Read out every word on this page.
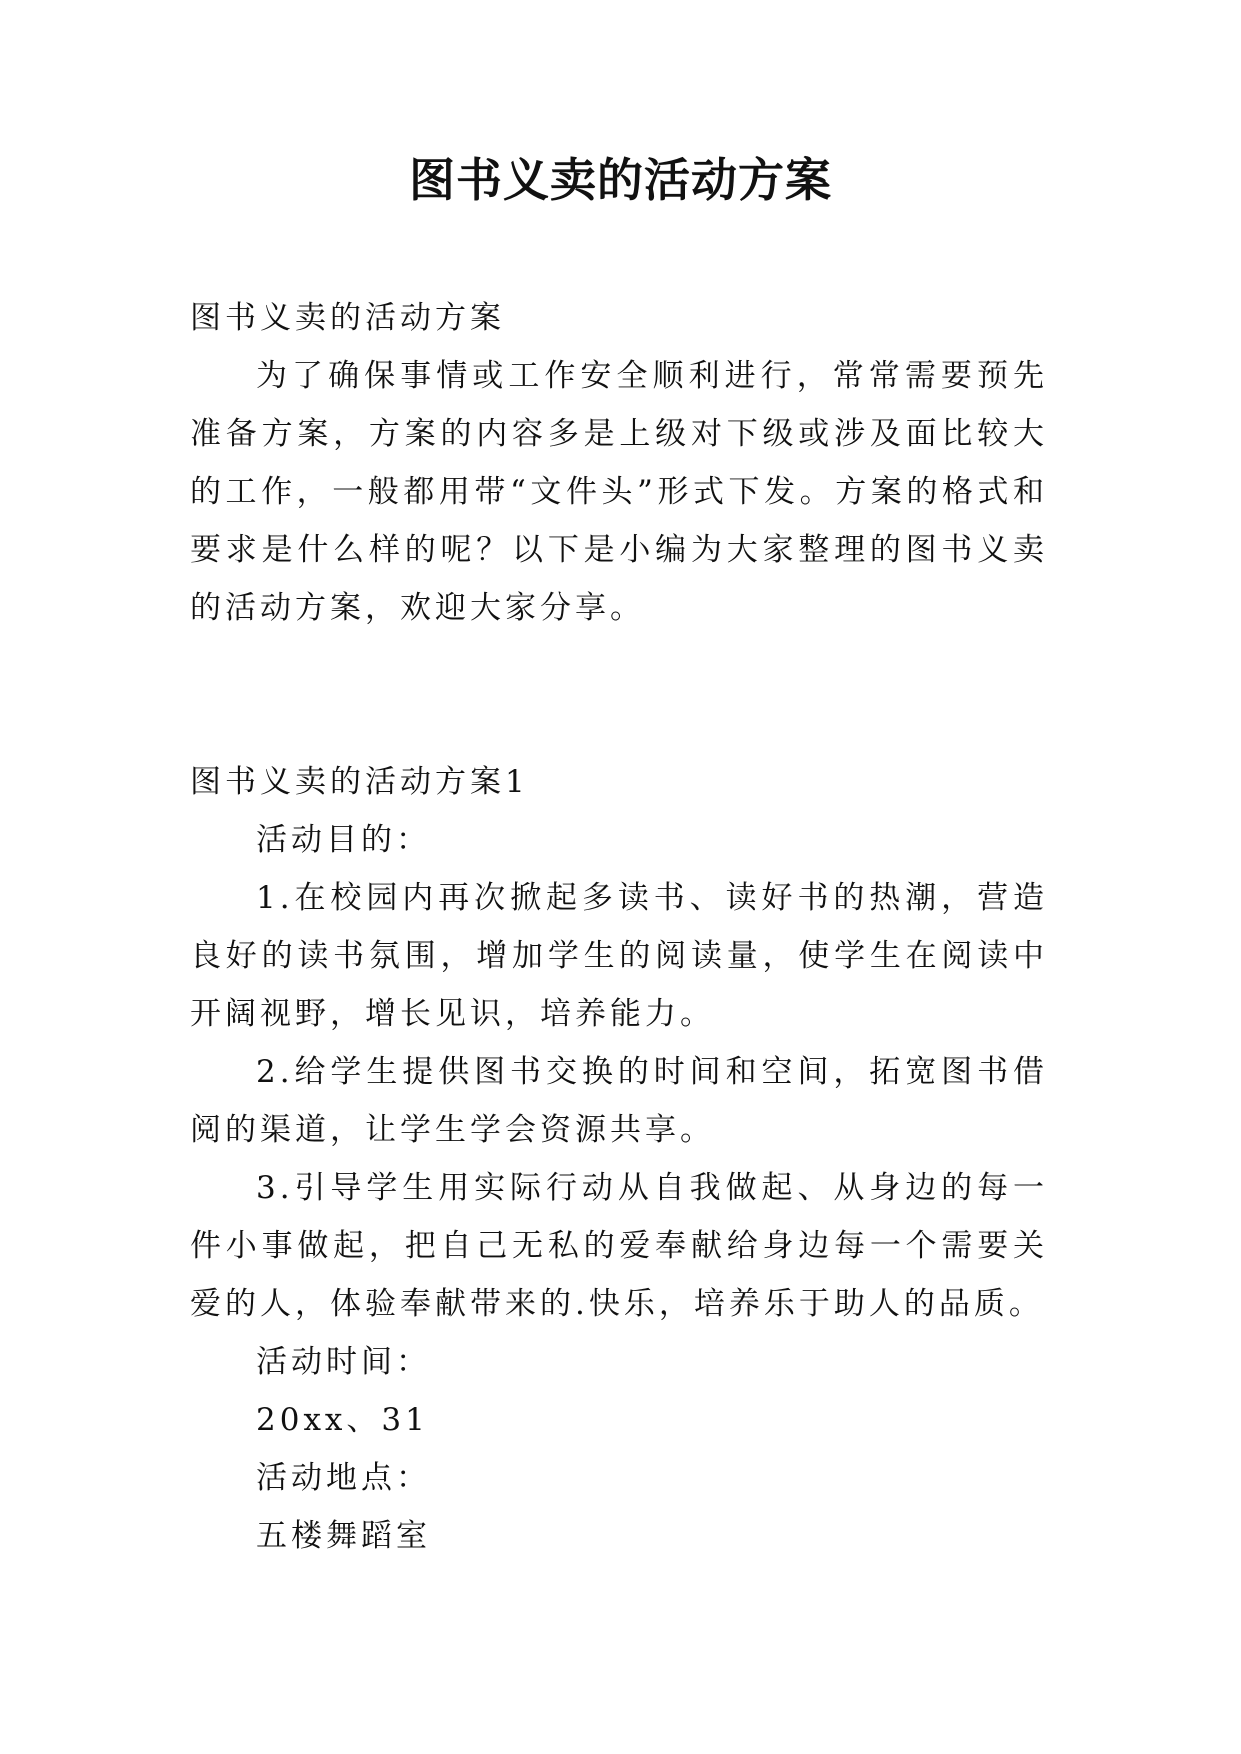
图书义卖的活动方案

图书义卖的活动方案

为了确保事情或工作安全顺利进行，常常需要预先准备方案，方案的内容多是上级对下级或涉及面比较大的工作，一般都用带“文件头”形式下发。方案的格式和要求是什么样的呢？以下是小编为大家整理的图书义卖的活动方案，欢迎大家分享。

图书义卖的活动方案1

活动目的：

1.在校园内再次掀起多读书、读好书的热潮，营造良好的读书氛围，增加学生的阅读量，使学生在阅读中开阔视野，增长见识，培养能力。

2.给学生提供图书交换的时间和空间，拓宽图书借阅的渠道，让学生学会资源共享。

3.引导学生用实际行动从自我做起、从身边的每一件小事做起，把自己无私的爱奉献给身边每一个需要关爱的人，体验奉献带来的.快乐，培养乐于助人的品质。

活动时间：

20xx、31

活动地点：

五楼舞蹈室
